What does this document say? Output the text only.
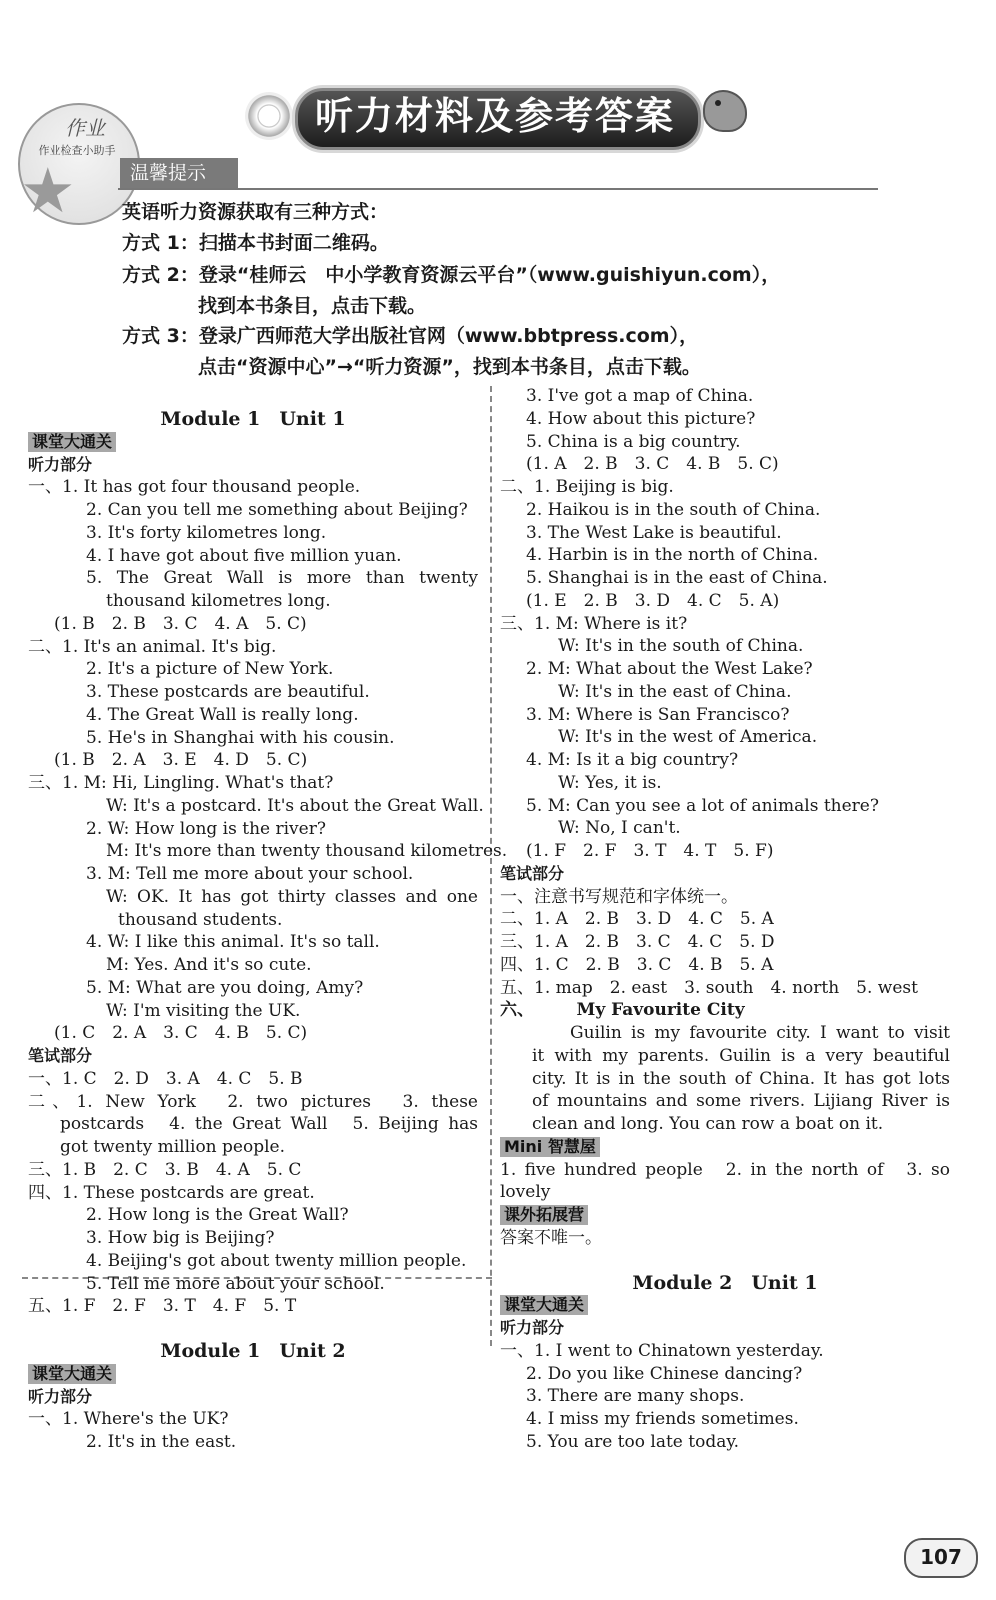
听力材料及参考答案
作业
作业检查小助手
★	温馨提示
英语听力资源获取有三种方式：
方式 1：扫描本书封面二维码。
方式 2：登录“桂师云　中小学教育资源云平台”（www.guishiyun.com），
找到本书条目，点击下载。
方式 3：登录广西师范大学出版社官网（www.bbtpress.com），
点击“资源中心”→“听力资源”，找到本书条目，点击下载。
Module 1　Unit 1
课堂大通关
听力部分
一、1. It has got four thousand people.
2. Can you tell me something about Beijing?
3. It's forty kilometres long.
4. I have got about five million yuan.
5. The Great Wall is more than twenty
thousand kilometres long.
(1. B　2. B　3. C　4. A　5. C)
二、1. It's an animal. It's big.
2. It's a picture of New York.
3. These postcards are beautiful.
4. The Great Wall is really long.
5. He's in Shanghai with his cousin.
(1. B　2. A　3. E　4. D　5. C)
三、1. M: Hi, Lingling. What's that?
W: It's a postcard. It's about the Great Wall.
2. W: How long is the river?
M: It's more than twenty thousand kilometres.
3. M: Tell me more about your school.
W: OK. It has got thirty classes and one
thousand students.
4. W: I like this animal. It's so tall.
M: Yes. And it's so cute.
5. M: What are you doing, Amy?
W: I'm visiting the UK.
(1. C　2. A　3. C　4. B　5. C)
笔试部分
一、1. C　2. D　3. A　4. C　5. B
二、1. New York　2. two pictures　3. these
postcards　4. the Great Wall　5. Beijing has
got twenty million people.
三、1. B　2. C　3. B　4. A　5. C
四、1. These postcards are great.
2. How long is the Great Wall?
3. How big is Beijing?
4. Beijing's got about twenty million people.
5. Tell me more about your school.
五、1. F　2. F　3. T　4. F　5. T
Module 1　Unit 2
课堂大通关
听力部分
一、1. Where's the UK?
2. It's in the east.
3. I've got a map of China.
4. How about this picture?
5. China is a big country.
(1. A　2. B　3. C　4. B　5. C)
二、1. Beijing is big.
2. Haikou is in the south of China.
3. The West Lake is beautiful.
4. Harbin is in the north of China.
5. Shanghai is in the east of China.
(1. E　2. B　3. D　4. C　5. A)
三、1. M: Where is it?
W: It's in the south of China.
2. M: What about the West Lake?
W: It's in the east of China.
3. M: Where is San Francisco?
W: It's in the west of America.
4. M: Is it a big country?
W: Yes, it is.
5. M: Can you see a lot of animals there?
W: No, I can't.
(1. F　2. F　3. T　4. T　5. F)
笔试部分
一、注意书写规范和字体统一。
二、1. A　2. B　3. D　4. C　5. A
三、1. A　2. B　3. C　4. C　5. D
四、1. C　2. B　3. C　4. B　5. A
五、1. map　2. east　3. south　4. north　5. west
六、　　　My Favourite City
Guilin is my favourite city. I want to visit
it with my parents. Guilin is a very beautiful
city. It is in the south of China. It has got lots
of mountains and some rivers. Lijiang River is
clean and long. You can row a boat on it.
Mini 智慧屋
1. five hundred people　2. in the north of　3. so
lovely
课外拓展营
答案不唯一。
Module 2　Unit 1
课堂大通关
听力部分
一、1. I went to Chinatown yesterday.
2. Do you like Chinese dancing?
3. There are many shops.
4. I miss my friends sometimes.
5. You are too late today.
107
